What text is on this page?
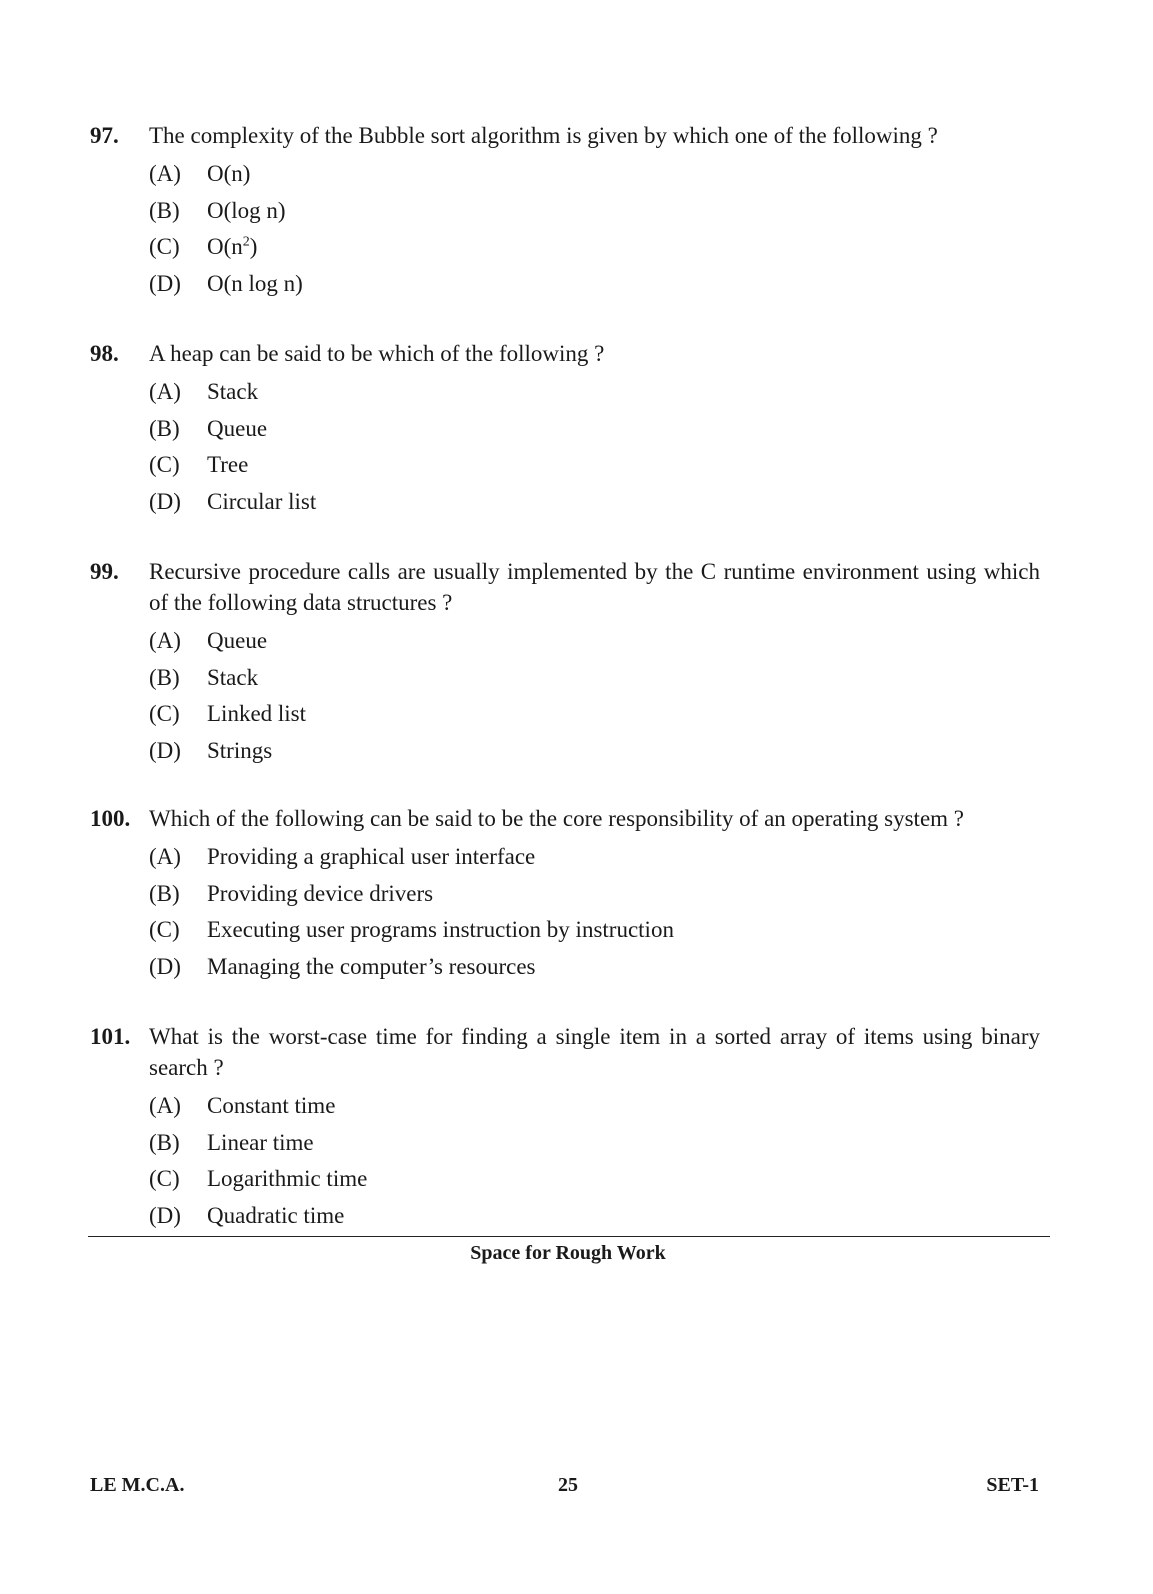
97.	The complexity of the Bubble sort algorithm is given by which one of the following ?
(A)	O(n)
(B)	O(log n)
(C)	$O(n^2)$
(D)	O(n log n)
98.	A heap can be said to be which of the following ?
(A)	Stack
(B)	Queue
(C)	Tree
(D)	Circular list
99.	Recursive procedure calls are usually implemented by the C runtime environment using which of the following data structures ?
(A)	Queue
(B)	Stack
(C)	Linked list
(D)	Strings
100. Which of the following can be said to be the core responsibility of an operating system ?
(A)	Providing a graphical user interface
(B)	Providing device drivers
(C)	Executing user programs instruction by instruction
(D)	Managing the computer’s resources
101. What is the worst-case time for finding a single item in a sorted array of items using binary search ?
(A)	Constant time
(B)	Linear time
(C)	Logarithmic time
(D)	Quadratic time
Space for Rough Work
LE M.C.A.	25	SET-1
